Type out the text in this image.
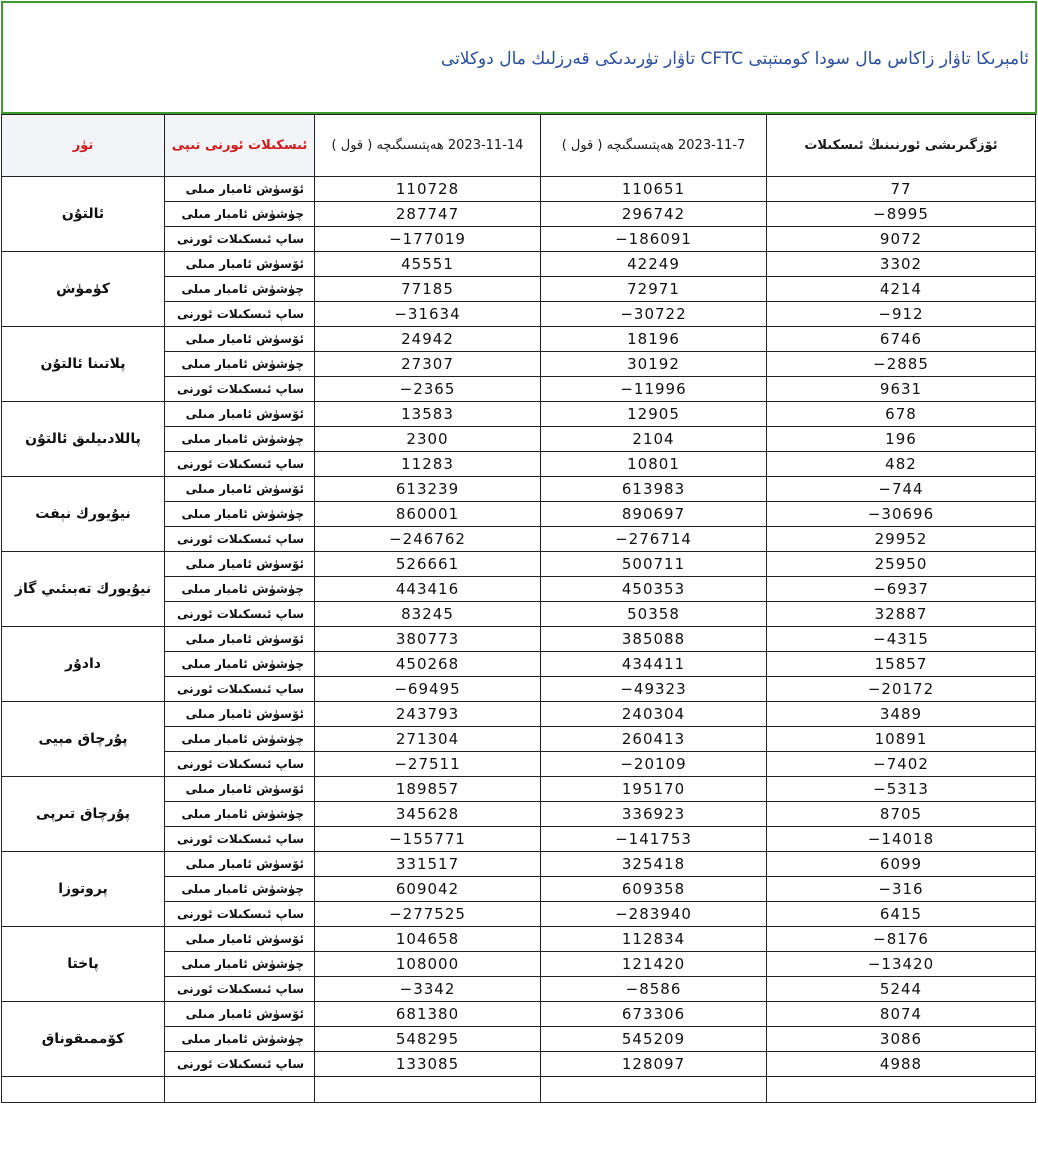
ئامېرىكا تاۋار زاكاس مال سودا كومىتېتى CFTC تاۋار تۈرىدىكى قەرزلىك مال دوكلاتى
تۈر	ئىسكىلات ئورنى تىپى	2023-11-14 ھەپتىسىگىچە ( قول )	2023-11-7 ھەپتىسىگىچە ( قول )	ئۆزگىرىشى ئورنىنىڭ ئىسكىلات
ئالتۇن	ئۆسۈش ئامبار مىلى	110728	110651	77
	چۈشۈش ئامبار مىلى	287747	296742	−8995
	ساپ ئىسكىلات ئورنى	−177019	−186091	9072
كۈمۈش	ئۆسۈش ئامبار مىلى	45551	42249	3302
	چۈشۈش ئامبار مىلى	77185	72971	4214
	ساپ ئىسكىلات ئورنى	−31634	−30722	−912
پلاتىنا ئالتۇن	ئۆسۈش ئامبار مىلى	24942	18196	6746
	چۈشۈش ئامبار مىلى	27307	30192	−2885
	ساپ ئىسكىلات ئورنى	−2365	−11996	9631
پاللادىيلىق ئالتۇن	ئۆسۈش ئامبار مىلى	13583	12905	678
	چۈشۈش ئامبار مىلى	2300	2104	196
	ساپ ئىسكىلات ئورنى	11283	10801	482
نيۇيورك نېفت	ئۆسۈش ئامبار مىلى	613239	613983	−744
	چۈشۈش ئامبار مىلى	860001	890697	−30696
	ساپ ئىسكىلات ئورنى	−246762	−276714	29952
نيۇيورك تەبىئىي گاز	ئۆسۈش ئامبار مىلى	526661	500711	25950
	چۈشۈش ئامبار مىلى	443416	450353	−6937
	ساپ ئىسكىلات ئورنى	83245	50358	32887
دادۇر	ئۆسۈش ئامبار مىلى	380773	385088	−4315
	چۈشۈش ئامبار مىلى	450268	434411	15857
	ساپ ئىسكىلات ئورنى	−69495	−49323	−20172
پۇرچاق مېيى	ئۆسۈش ئامبار مىلى	243793	240304	3489
	چۈشۈش ئامبار مىلى	271304	260413	10891
	ساپ ئىسكىلات ئورنى	−27511	−20109	−7402
پۇرچاق تىرپى	ئۆسۈش ئامبار مىلى	189857	195170	−5313
	چۈشۈش ئامبار مىلى	345628	336923	8705
	ساپ ئىسكىلات ئورنى	−155771	−141753	−14018
پروتوزا	ئۆسۈش ئامبار مىلى	331517	325418	6099
	چۈشۈش ئامبار مىلى	609042	609358	−316
	ساپ ئىسكىلات ئورنى	−277525	−283940	6415
پاختا	ئۆسۈش ئامبار مىلى	104658	112834	−8176
	چۈشۈش ئامبار مىلى	108000	121420	−13420
	ساپ ئىسكىلات ئورنى	−3342	−8586	5244
كۆممىقوناق	ئۆسۈش ئامبار مىلى	681380	673306	8074
	چۈشۈش ئامبار مىلى	548295	545209	3086
	ساپ ئىسكىلات ئورنى	133085	128097	4988
